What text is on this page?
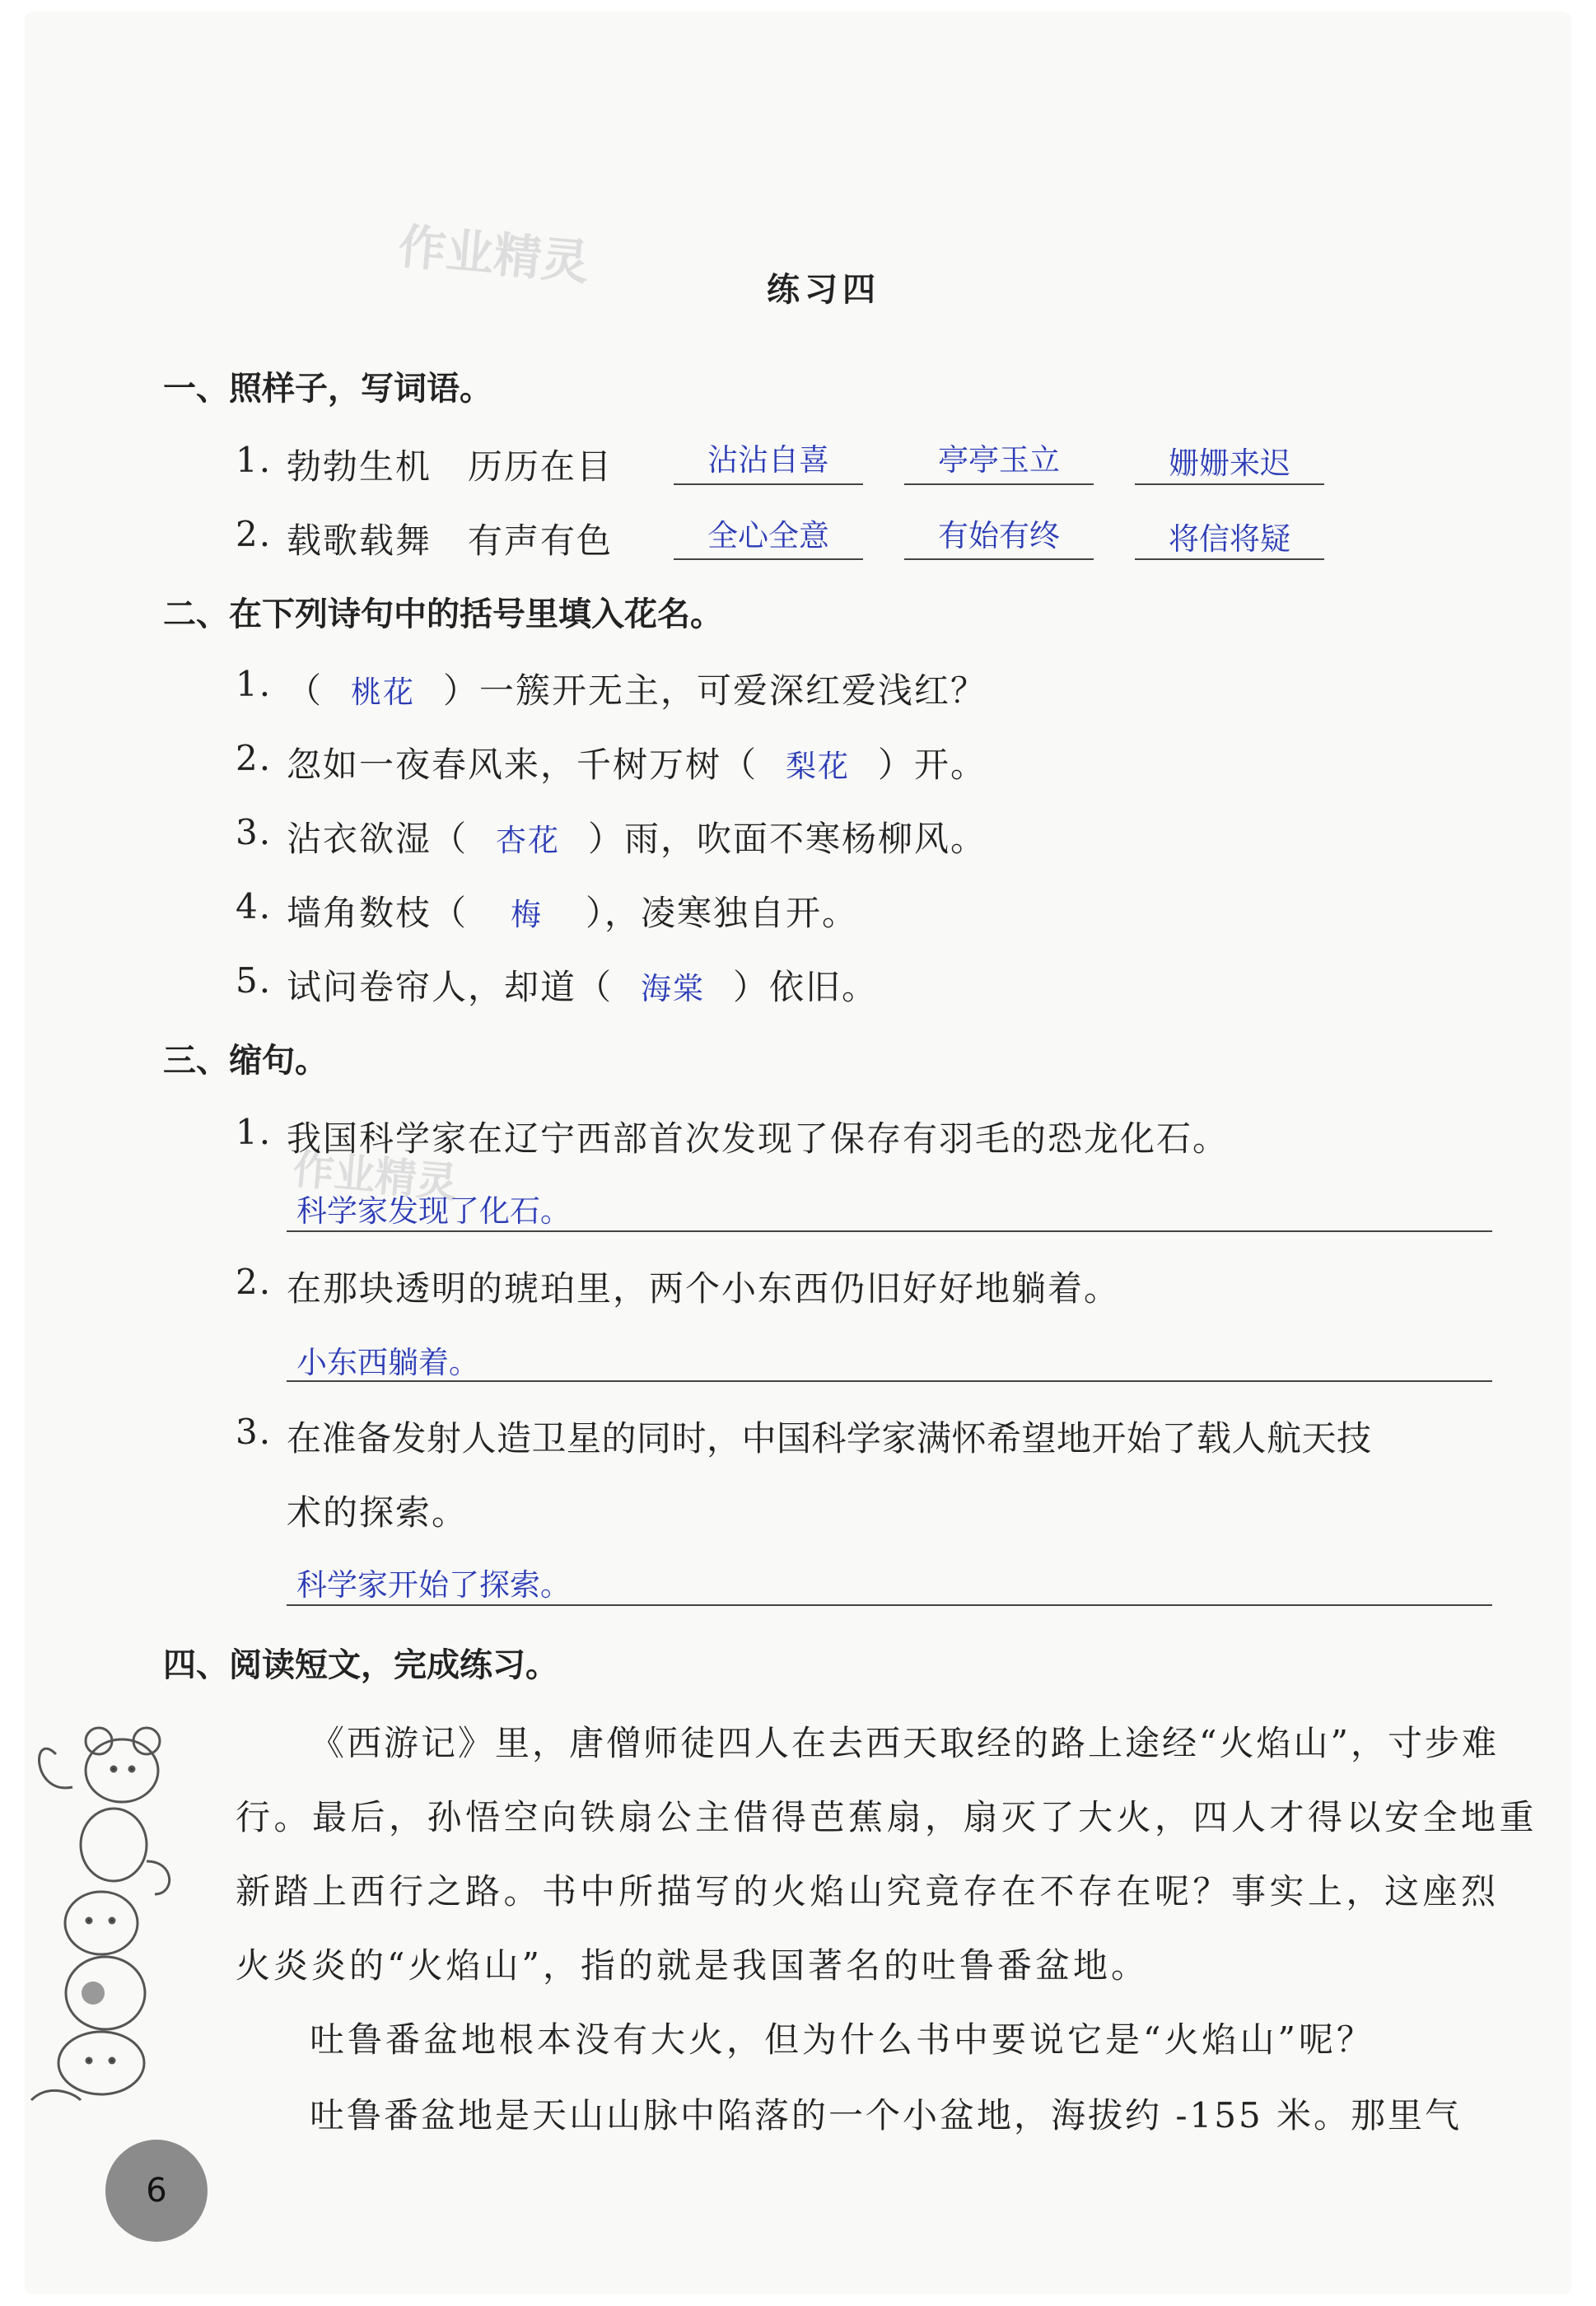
作业精灵
作业精灵
练习四
一、照样子，写词语。
1. 勃勃生机　历历在目	沾沾自喜	亭亭玉立	姗姗来迟
2. 载歌载舞　有声有色	全心全意	有始有终	将信将疑
二、在下列诗句中的括号里填入花名。
1. （ 桃花 ）一簇开无主，可爱深红爱浅红？
2. 忽如一夜春风来，千树万树（ 梨花 ）开。
3. 沾衣欲湿（ 杏花 ）雨，吹面不寒杨柳风。
4. 墙角数枝（ 梅 ），凌寒独自开。
5. 试问卷帘人，却道（ 海棠 ）依旧。
三、缩句。
1. 我国科学家在辽宁西部首次发现了保存有羽毛的恐龙化石。
科学家发现了化石。
2. 在那块透明的琥珀里，两个小东西仍旧好好地躺着。
小东西躺着。
3. 在准备发射人造卫星的同时，中国科学家满怀希望地开始了载人航天技
术的探索。
科学家开始了探索。
四、阅读短文，完成练习。
《西游记》里，唐僧师徒四人在去西天取经的路上途经“火焰山”，寸步难
行。最后，孙悟空向铁扇公主借得芭蕉扇，扇灭了大火，四人才得以安全地重
新踏上西行之路。书中所描写的火焰山究竟存在不存在呢？事实上，这座烈
火炎炎的“火焰山”，指的就是我国著名的吐鲁番盆地。
吐鲁番盆地根本没有大火，但为什么书中要说它是“火焰山”呢？
吐鲁番盆地是天山山脉中陷落的一个小盆地，海拔约 -155 米。那里气
6
